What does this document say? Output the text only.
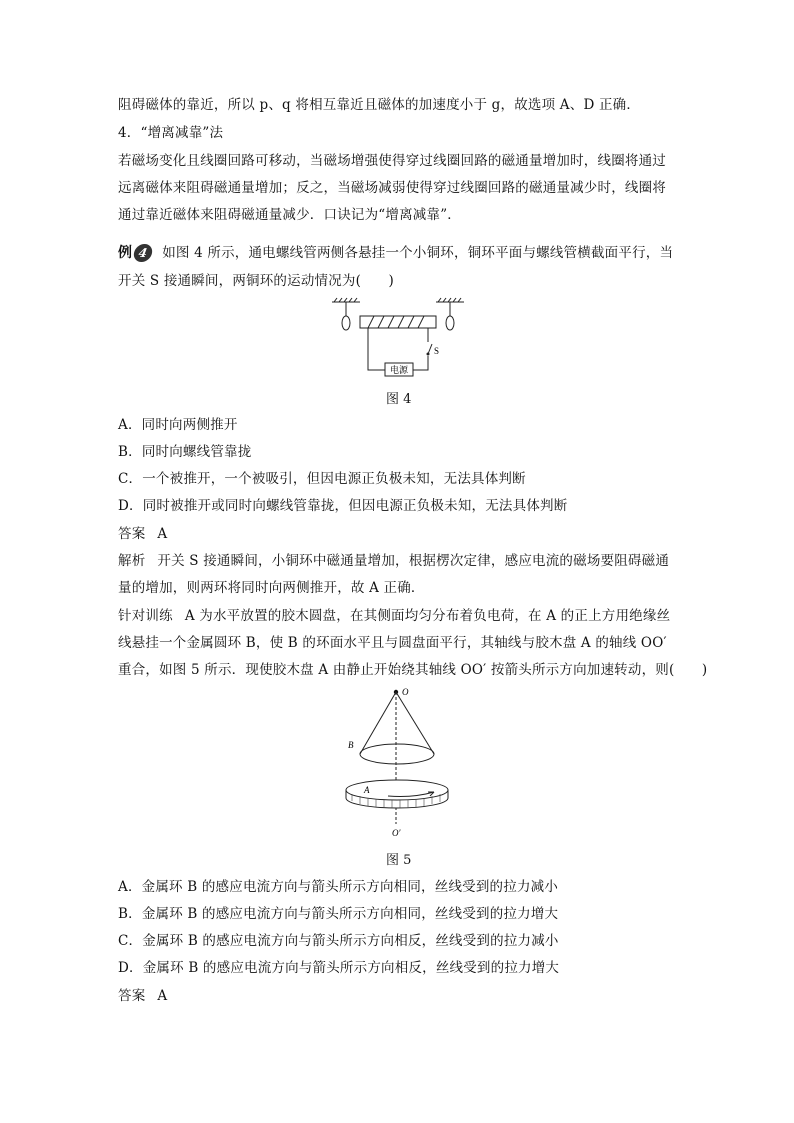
阻碍磁体的靠近，所以 p、q 将相互靠近且磁体的加速度小于 g，故选项 A、D 正确．
4．“增离减靠”法
若磁场变化且线圈回路可移动，当磁场增强使得穿过线圈回路的磁通量增加时，线圈将通过
远离磁体来阻碍磁通量增加；反之，当磁场减弱使得穿过线圈回路的磁通量减少时，线圈将
通过靠近磁体来阻碍磁通量减少．口诀记为“增离减靠”．
例 4 如图 4 所示，通电螺线管两侧各悬挂一个小铜环，铜环平面与螺线管横截面平行，当
开关 S 接通瞬间，两铜环的运动情况为(　　)
S
电源
图 4
A．同时向两侧推开
B．同时向螺线管靠拢
C．一个被推开，一个被吸引，但因电源正负极未知，无法具体判断
D．同时被推开或同时向螺线管靠拢，但因电源正负极未知，无法具体判断
答案 A
解析 开关 S 接通瞬间，小铜环中磁通量增加，根据楞次定律，感应电流的磁场要阻碍磁通
量的增加，则两环将同时向两侧推开，故 A 正确．
针对训练 A 为水平放置的胶木圆盘，在其侧面均匀分布着负电荷，在 A 的正上方用绝缘丝
线悬挂一个金属圆环 B，使 B 的环面水平且与圆盘面平行，其轴线与胶木盘 A 的轴线 OO′
重合，如图 5 所示．现使胶木盘 A 由静止开始绕其轴线 OO′ 按箭头所示方向加速转动，则(　　)
O
B
A
O′
图 5
A．金属环 B 的感应电流方向与箭头所示方向相同，丝线受到的拉力减小
B．金属环 B 的感应电流方向与箭头所示方向相同，丝线受到的拉力增大
C．金属环 B 的感应电流方向与箭头所示方向相反，丝线受到的拉力减小
D．金属环 B 的感应电流方向与箭头所示方向相反，丝线受到的拉力增大
答案 A
